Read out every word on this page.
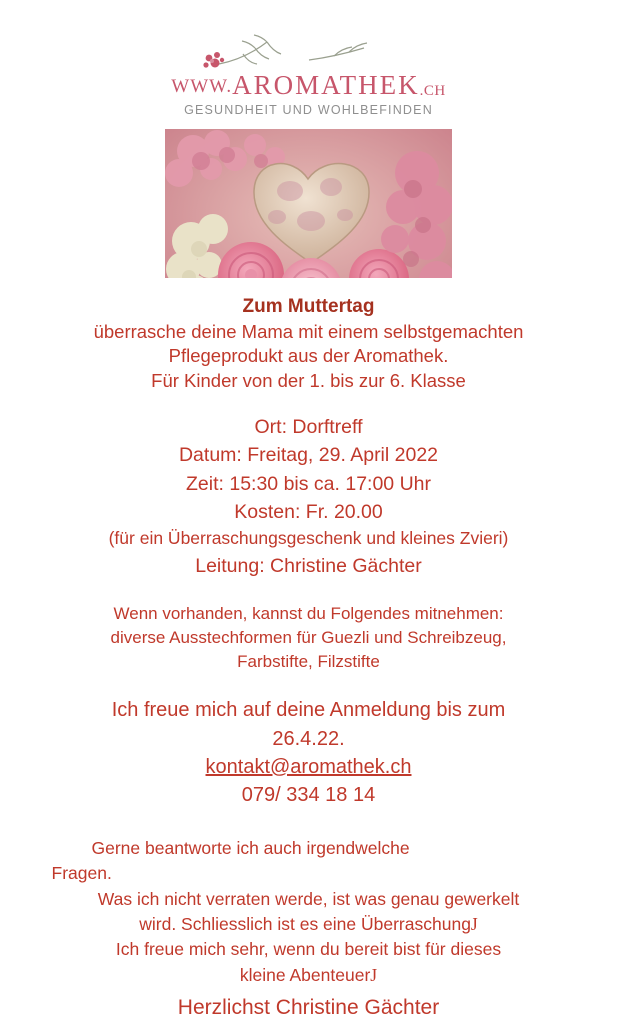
WWW.AROMATHEK.CH
GESUNDHEIT UND WOHLBEFINDEN
Zum Muttertag
überrasche deine Mama mit einem selbstgemachten
Pflegeprodukt aus der Aromathek.
Für Kinder von der 1. bis zur 6. Klasse
Ort: Dorftreff
Datum: Freitag, 29. April 2022
Zeit: 15:30 bis ca. 17:00 Uhr
Kosten: Fr. 20.00
(für ein Überraschungsgeschenk und kleines Zvieri)
Leitung: Christine Gächter
Wenn vorhanden, kannst du Folgendes mitnehmen:
diverse Ausstechformen für Guezli und Schreibzeug,
Farbstifte, Filzstifte
Ich freue mich auf deine Anmeldung bis zum
26.4.22.
kontakt@aromathek.ch
079/ 334 18 14
Gerne beantworte ich auch irgendwelche
Fragen.
Was ich nicht verraten werde, ist was genau gewerkelt
wird. Schliesslich ist es eine ÜberraschungJ
Ich freue mich sehr, wenn du bereit bist für dieses
kleine AbenteuerJ
Herzlichst Christine Gächter
